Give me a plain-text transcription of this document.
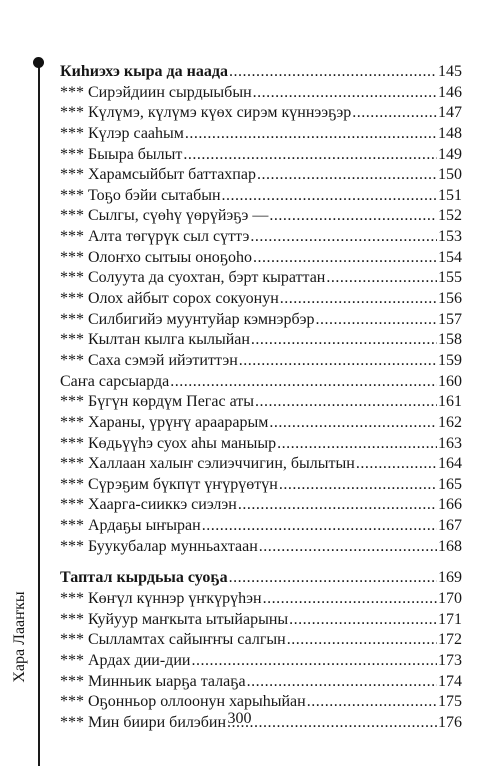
Хара Лааҥкы
Киһиэхэ кыра да наада .....	145
*** Сирэйдиин сырдыыбын .....	146
*** Күлүмэ, күлүмэ күөх сирэм күннээҕэр .....	147
*** Күлэр сааһым .....	148
*** Быыра былыт .....	149
*** Харамсыйбыт баттахпар .....	150
*** Тоҕо бэйи сытабын .....	151
*** Сылгы, сүөһү үөрүйэҕэ — .....	152
*** Алта төгүрүк сыл сүттэ .....	153
*** Олоҥхо сытыы оноҕоһо .....	154
*** Солуута да суохтан, бэрт кыраттан .....	155
*** Олох айбыт сорох сокуонун .....	156
*** Силбигийэ муунтуйар кэмнэрбэр .....	157
*** Кылтан кылга кылыйан .....	158
*** Саха сэмэй ийэтиттэн .....	159
Саҥа сарсыарда .....	160
*** Бүгүн көрдүм Пегас аты .....	161
*** Хараны, үрүҥү араарарым .....	162
*** Көдьүүһэ суох аһы маныыр .....	163
*** Халлаан халыҥ сэлиэччигин, былытын .....	164
*** Сүрэҕим бүкпүт үҥүрүөтүн .....	165
*** Хаарга-сииккэ сиэлэн .....	166
*** Ардаҕы ыҥыран .....	167
*** Буукубалар мунньахтаан .....	168
Таптал кырдьыа суоҕа .....	169
*** Көҥүл күннэр үҥкүрүһэн .....	170
*** Куйуур маҥкыта ытыйарыны .....	171
*** Сылламтах сайыҥҥы салгын .....	172
*** Ардах дии-дии .....	173
*** Минньик ыарҕа талаҕа .....	174
*** Оҕонньор оллоонун харыһыйан .....	175
*** Мин биири билэбин .....	176
300
